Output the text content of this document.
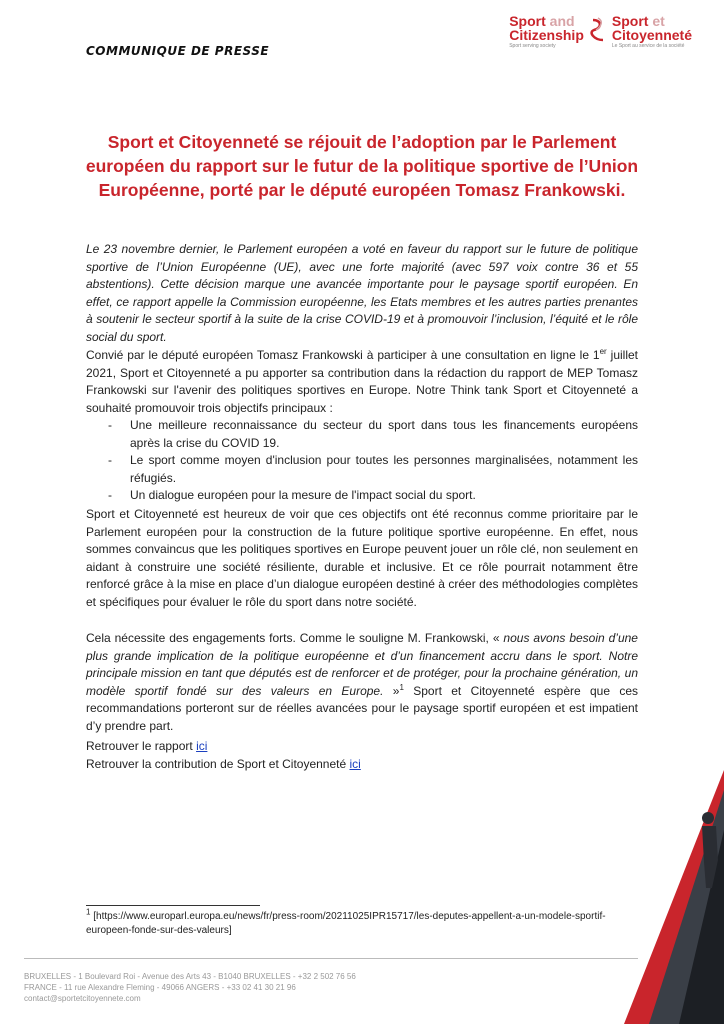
COMMUNIQUE DE PRESSE
Sport and
Citizenship
Sport serving society
Sport et
Citoyenneté
Le Sport au service de la société
Sport et Citoyenneté se réjouit de l’adoption par le Parlement européen du rapport sur le futur de la politique sportive de l’Union Européenne, porté par le député européen Tomasz Frankowski.
Le 23 novembre dernier, le Parlement européen a voté en faveur du rapport sur le future de politique sportive de l’Union Européenne (UE), avec une forte majorité (avec 597 voix contre 36 et 55 abstentions). Cette décision marque une avancée importante pour le paysage sportif européen. En effet, ce rapport appelle la Commission européenne, les Etats membres et les autres parties prenantes à soutenir le secteur sportif à la suite de la crise COVID-19 et à promouvoir l’inclusion, l’équité et le rôle social du sport.

Convié par le député européen Tomasz Frankowski à participer à une consultation en ligne le 1er juillet 2021, Sport et Citoyenneté a pu apporter sa contribution dans la rédaction du rapport de MEP Tomasz Frankowski sur l'avenir des politiques sportives en Europe. Notre Think tank Sport et Citoyenneté a souhaité promouvoir trois objectifs principaux :

- Une meilleure reconnaissance du secteur du sport dans tous les financements européens après la crise du COVID 19.
- Le sport comme moyen d'inclusion pour toutes les personnes marginalisées, notamment les réfugiés.
- Un dialogue européen pour la mesure de l'impact social du sport.
Sport et Citoyenneté est heureux de voir que ces objectifs ont été reconnus comme prioritaire par le Parlement européen pour la construction de la future politique sportive européenne. En effet, nous sommes convaincus que les politiques sportives en Europe peuvent jouer un rôle clé, non seulement en aidant à construire une société résiliente, durable et inclusive. Et ce rôle pourrait notamment être renforcé grâce à la mise en place d’un dialogue européen destiné à créer des méthodologies complètes et spécifiques pour évaluer le rôle du sport dans notre société.
Cela nécessite des engagements forts. Comme le souligne M. Frankowski, « nous avons besoin d’une plus grande implication de la politique européenne et d’un financement accru dans le sport. Notre principale mission en tant que députés est de renforcer et de protéger, pour la prochaine génération, un modèle sportif fondé sur des valeurs en Europe. »$^1$ Sport et Citoyenneté espère que ces recommandations porteront sur de réelles avancées pour le paysage sportif européen et est impatient d’y prendre part.
Retrouver le rapport ici
Retrouver la contribution de Sport et Citoyenneté ici
$^1$ [https://www.europarl.europa.eu/news/fr/press-room/20211025IPR15717/les-deputes-appellent-a-un-modele-sportif-europeen-fonde-sur-des-valeurs]
BRUXELLES - 1 Boulevard Roi - Avenue des Arts 43 - B1040 BRUXELLES - +32 2 502 76 56
FRANCE - 11 rue Alexandre Fleming - 49066 ANGERS - +33 02 41 30 21 96
contact@sportetcitoyennete.com
